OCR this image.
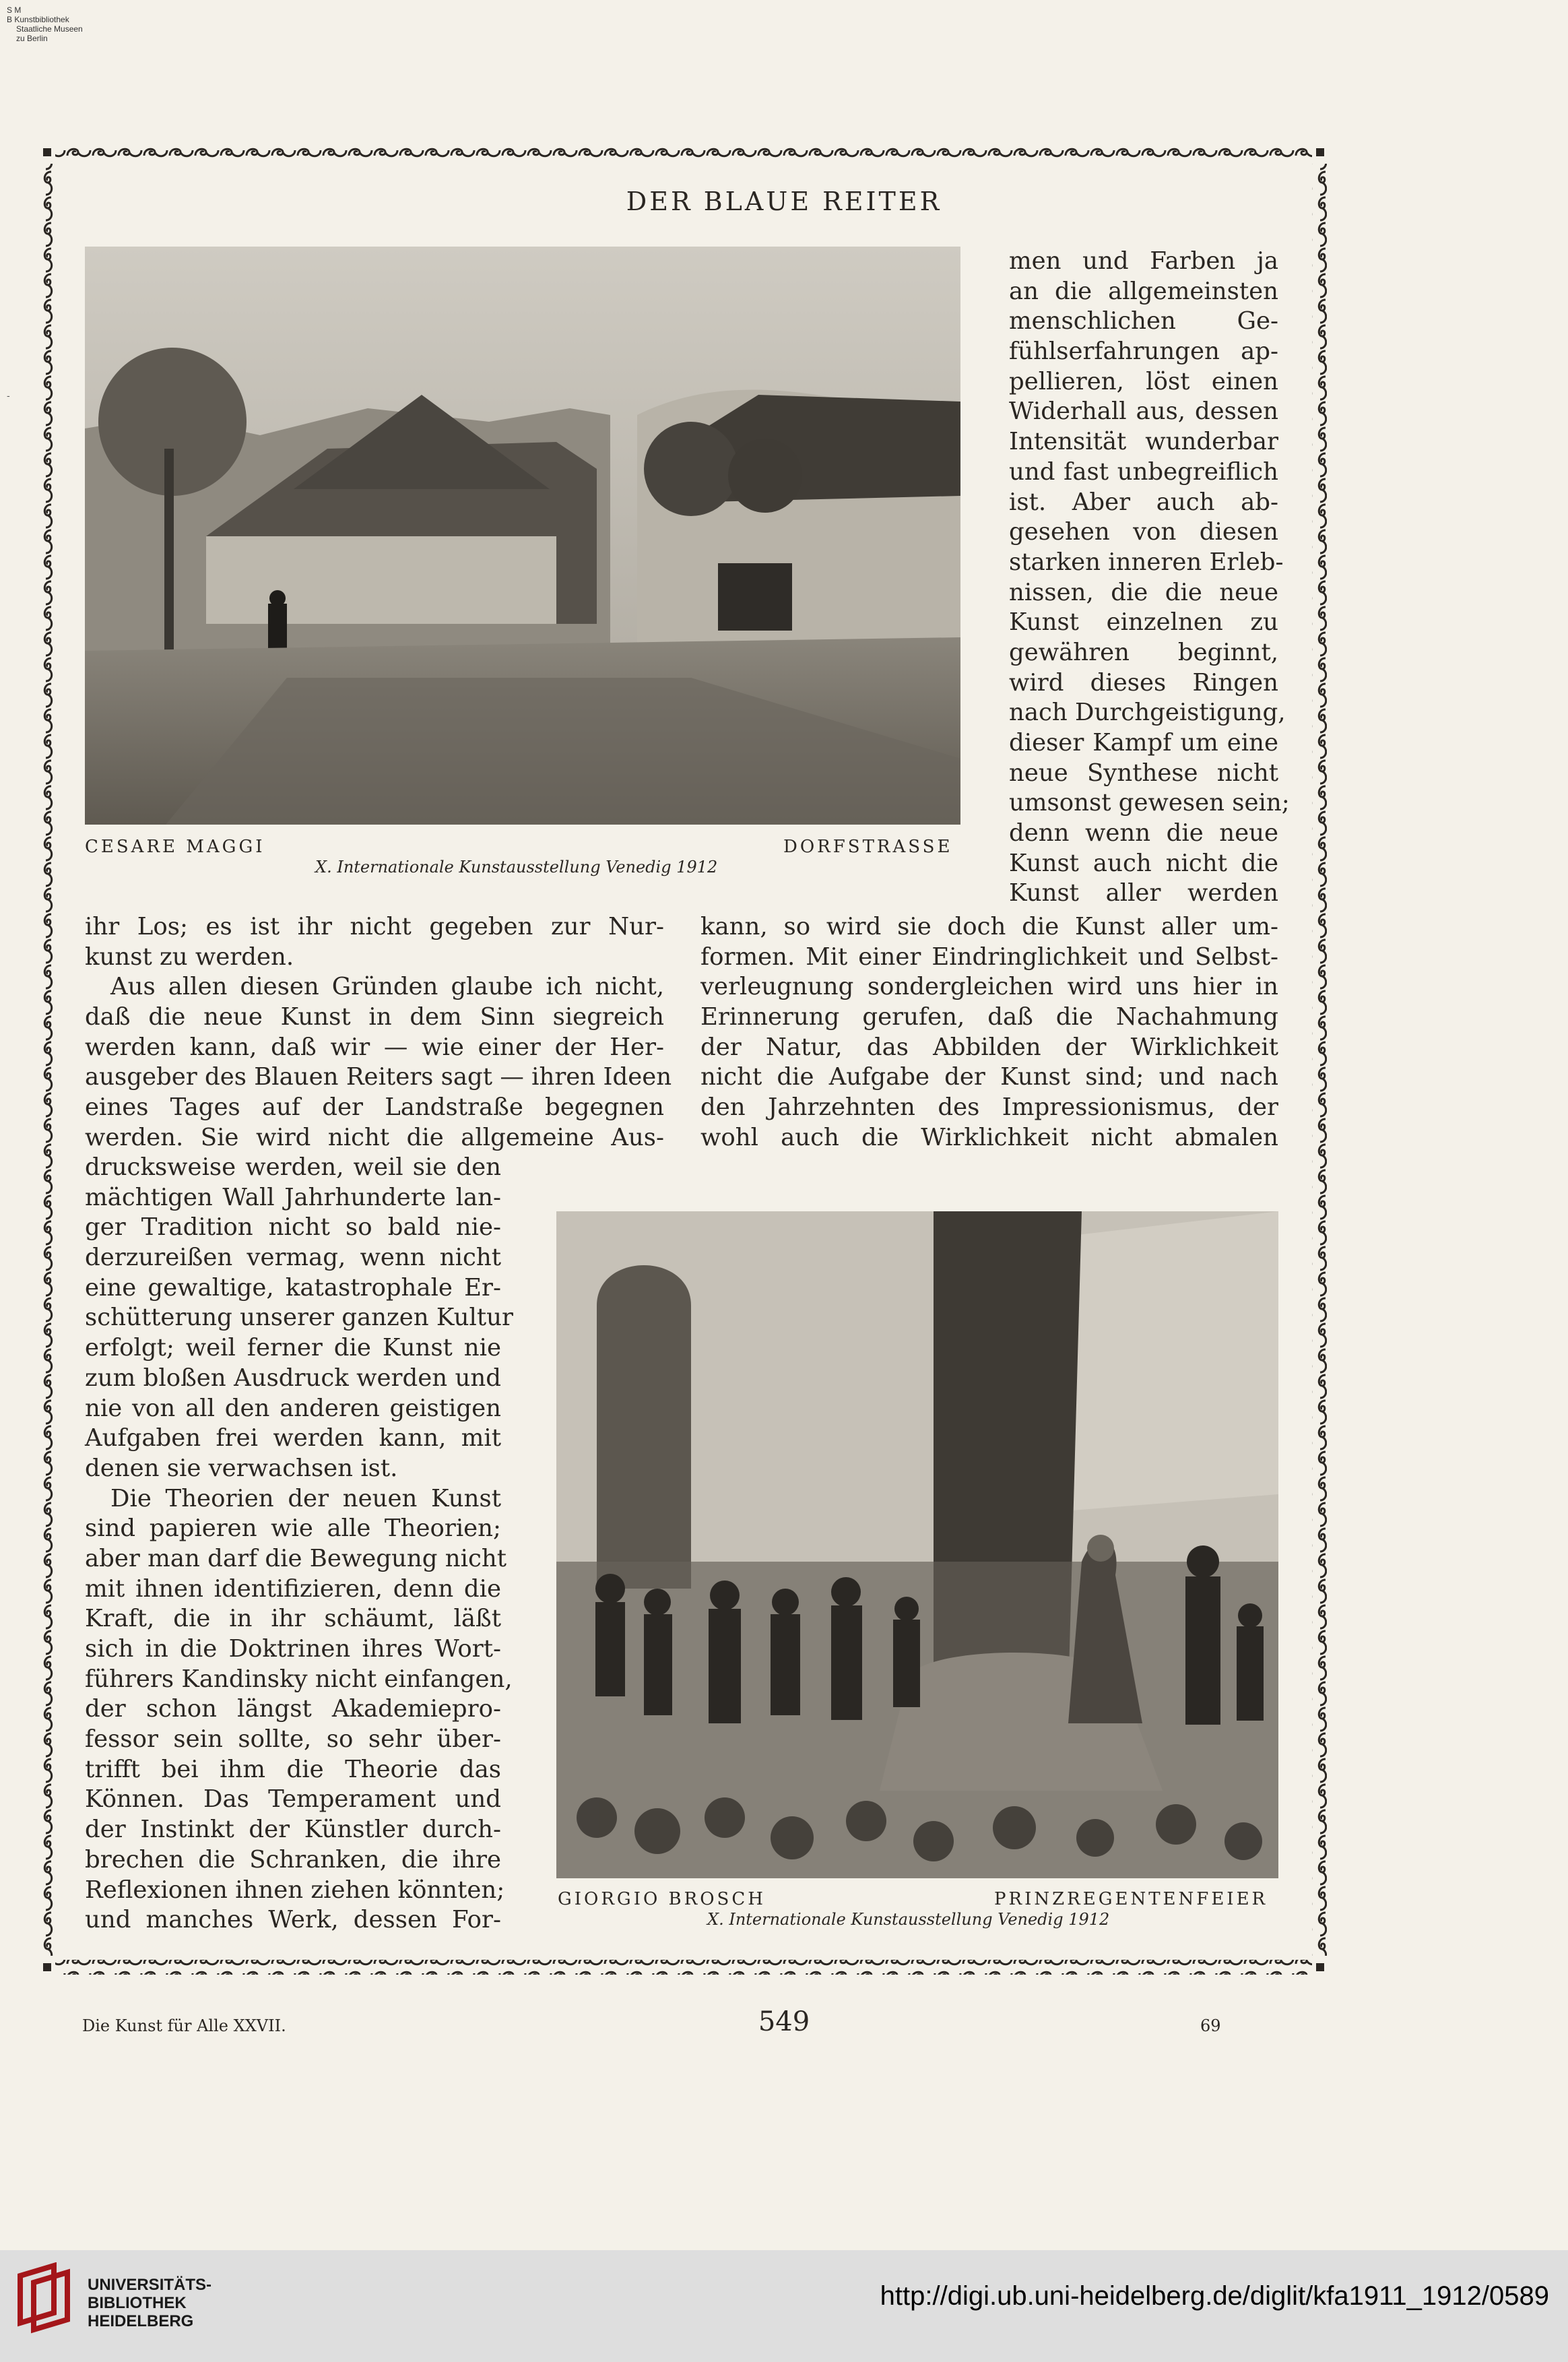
S M
B Kunstbibliothek
Staatliche Museen
zu Berlin
-
DER BLAUE REITER
CESARE MAGGI	DORFSTRASSE
X. Internationale Kunstausstellung Venedig 1912
men und Farben ja
an die allgemeinsten
menschlichen Ge-
fühlserfahrungen ap-
pellieren, löst einen
Widerhall aus, dessen
Intensität wunderbar
und fast unbegreiflich
ist. Aber auch ab-
gesehen von diesen
starken inneren Erleb-
nissen, die die neue
Kunst einzelnen zu
gewähren beginnt,
wird dieses Ringen
nach Durchgeistigung,
dieser Kampf um eine
neue Synthese nicht
umsonst gewesen sein;
denn wenn die neue
Kunst auch nicht die
Kunst aller werden
ihr Los; es ist ihr nicht gegeben zur Nur-
kunst zu werden.
Aus allen diesen Gründen glaube ich nicht,
daß die neue Kunst in dem Sinn siegreich
werden kann, daß wir — wie einer der Her-
ausgeber des Blauen Reiters sagt — ihren Ideen
eines Tages auf der Landstraße begegnen
werden. Sie wird nicht die allgemeine Aus-
kann, so wird sie doch die Kunst aller um-
formen. Mit einer Eindringlichkeit und Selbst-
verleugnung sondergleichen wird uns hier in
Erinnerung gerufen, daß die Nachahmung
der Natur, das Abbilden der Wirklichkeit
nicht die Aufgabe der Kunst sind; und nach
den Jahrzehnten des Impressionismus, der
wohl auch die Wirklichkeit nicht abmalen
drucksweise werden, weil sie den
mächtigen Wall Jahrhunderte lan-
ger Tradition nicht so bald nie-
derzureißen vermag, wenn nicht
eine gewaltige, katastrophale Er-
schütterung unserer ganzen Kultur
erfolgt; weil ferner die Kunst nie
zum bloßen Ausdruck werden und
nie von all den anderen geistigen
Aufgaben frei werden kann, mit
denen sie verwachsen ist.
Die Theorien der neuen Kunst
sind papieren wie alle Theorien;
aber man darf die Bewegung nicht
mit ihnen identifizieren, denn die
Kraft, die in ihr schäumt, läßt
sich in die Doktrinen ihres Wort-
führers Kandinsky nicht einfangen,
der schon längst Akademiepro-
fessor sein sollte, so sehr über-
trifft bei ihm die Theorie das
Können. Das Temperament und
der Instinkt der Künstler durch-
brechen die Schranken, die ihre
Reflexionen ihnen ziehen könnten;
und manches Werk, dessen For-
GIORGIO BROSCH	PRINZREGENTENFEIER
X. Internationale Kunstausstellung Venedig 1912
Die Kunst für Alle XXVII.	549	69
UNIVERSITÄTS-
BIBLIOTHEK
HEIDELBERG
http://digi.ub.uni-heidelberg.de/diglit/kfa1911_1912/0589
